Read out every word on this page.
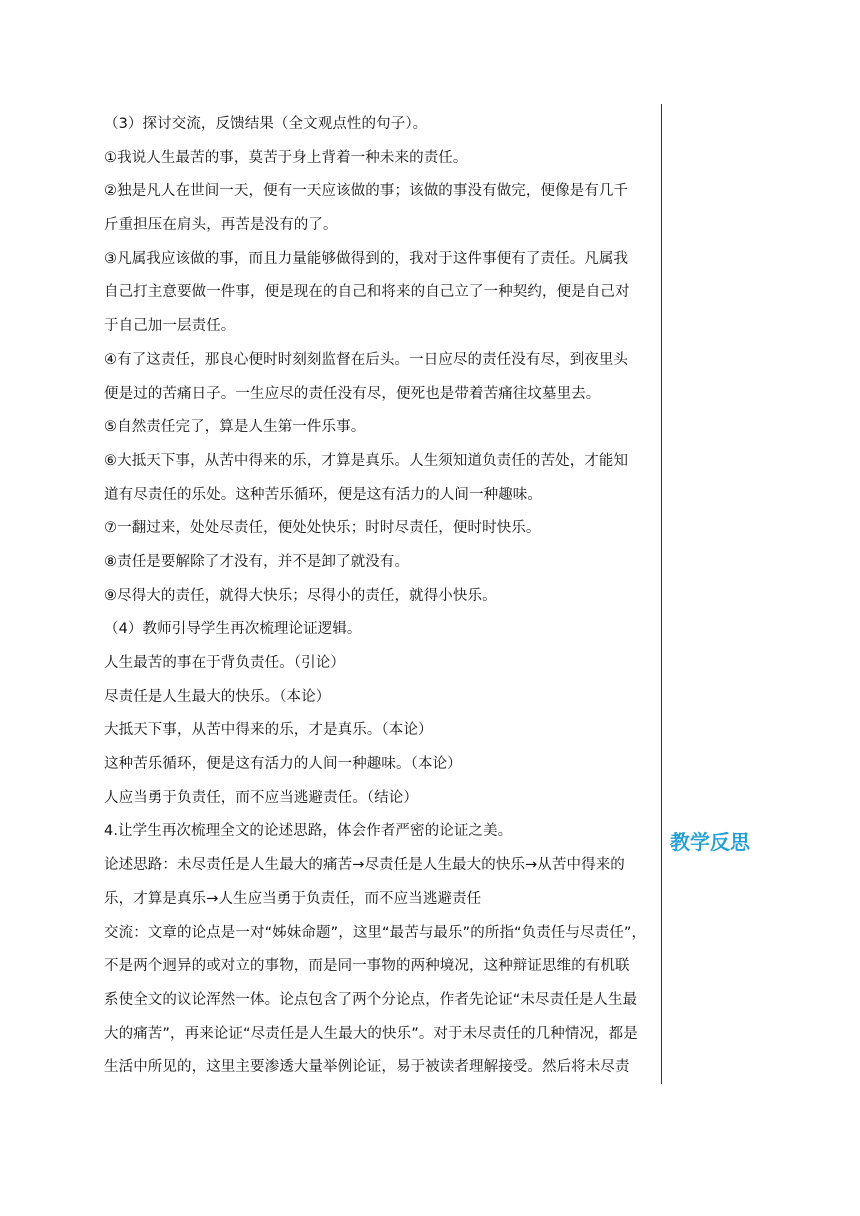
（3）探讨交流，反馈结果（全文观点性的句子）。
①我说人生最苦的事，莫苦于身上背着一种未来的责任。
②独是凡人在世间一天，便有一天应该做的事；该做的事没有做完，便像是有几千
斤重担压在肩头，再苦是没有的了。
③凡属我应该做的事，而且力量能够做得到的，我对于这件事便有了责任。凡属我
自己打主意要做一件事，便是现在的自己和将来的自己立了一种契约，便是自己对
于自己加一层责任。
④有了这责任，那良心便时时刻刻监督在后头。一日应尽的责任没有尽，到夜里头
便是过的苦痛日子。一生应尽的责任没有尽，便死也是带着苦痛往坟墓里去。
⑤自然责任完了，算是人生第一件乐事。
⑥大抵天下事，从苦中得来的乐，才算是真乐。人生须知道负责任的苦处，才能知
道有尽责任的乐处。这种苦乐循环，便是这有活力的人间一种趣味。
⑦一翻过来，处处尽责任，便处处快乐；时时尽责任，便时时快乐。
⑧责任是要解除了才没有，并不是卸了就没有。
⑨尽得大的责任，就得大快乐；尽得小的责任，就得小快乐。
（4）教师引导学生再次梳理论证逻辑。
人生最苦的事在于背负责任。（引论）
尽责任是人生最大的快乐。（本论）
大抵天下事，从苦中得来的乐，才是真乐。（本论）
这种苦乐循环，便是这有活力的人间一种趣味。（本论）
人应当勇于负责任，而不应当逃避责任。（结论）
4.让学生再次梳理全文的论述思路，体会作者严密的论证之美。
论述思路：未尽责任是人生最大的痛苦→尽责任是人生最大的快乐→从苦中得来的
乐，才算是真乐→人生应当勇于负责任，而不应当逃避责任
交流：文章的论点是一对“姊妹命题”，这里“最苦与最乐”的所指“负责任与尽责任”，
不是两个迥异的或对立的事物，而是同一事物的两种境况，这种辩证思维的有机联
系使全文的议论浑然一体。论点包含了两个分论点，作者先论证“未尽责任是人生最
大的痛苦”，再来论证“尽责任是人生最大的快乐”。对于未尽责任的几种情况，都是
生活中所见的，这里主要渗透大量举例论证，易于被读者理解接受。然后将未尽责
教学反思
